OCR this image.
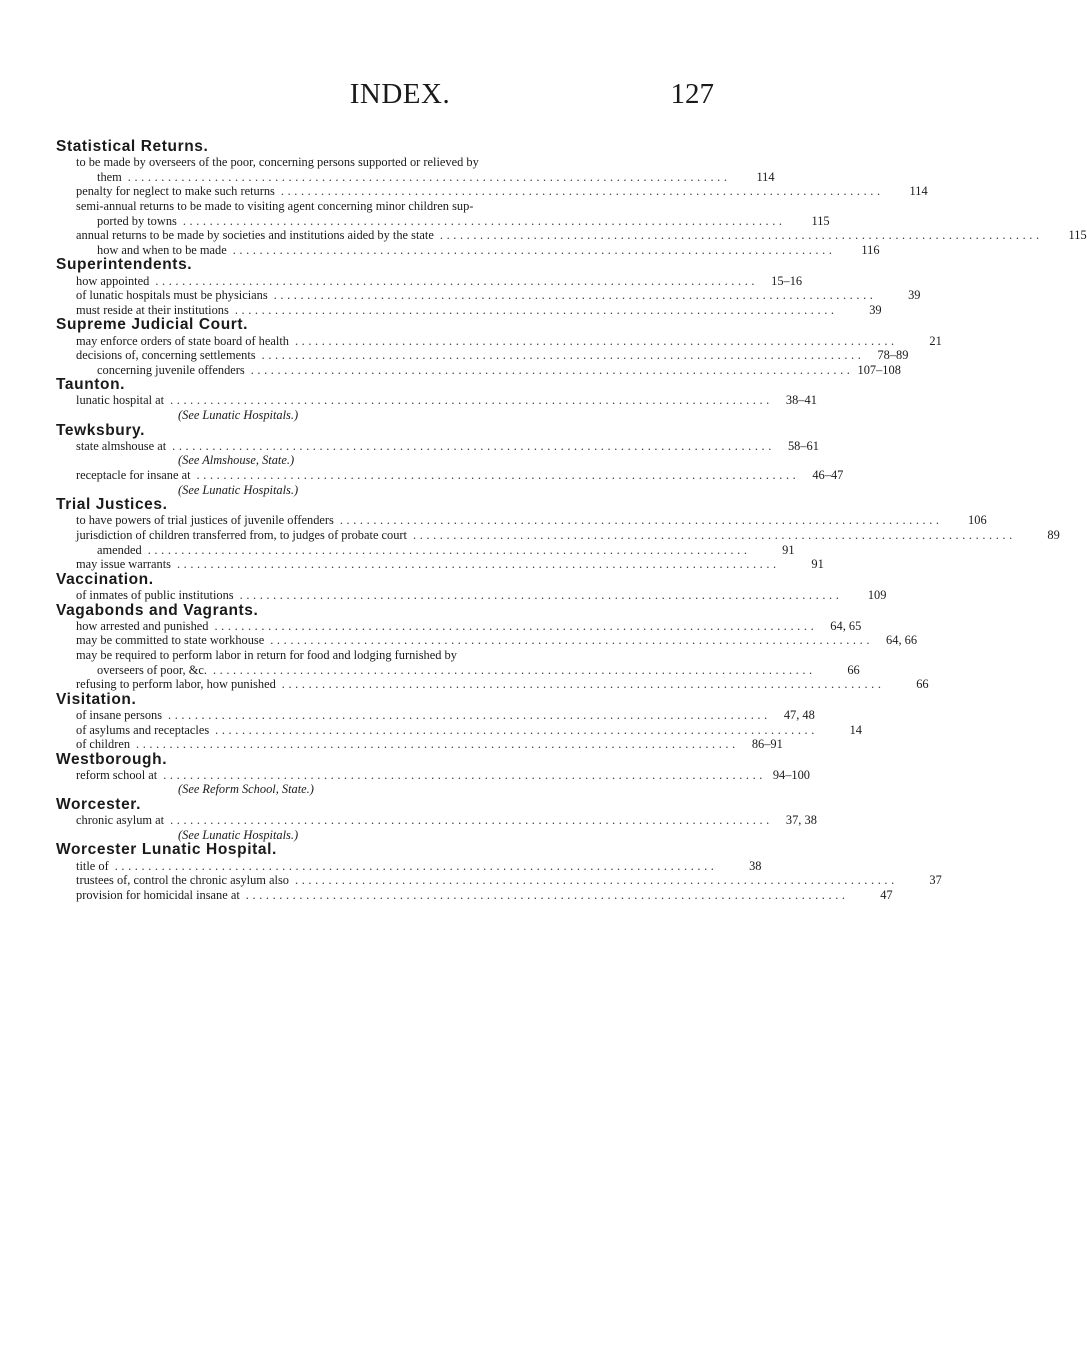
INDEX.	127
Statistical Returns.
to be made by overseers of the poor, concerning persons supported or relieved by
them ..........................................................................................	114
penalty for neglect to make such returns ..........................................................................................	114
semi-annual returns to be made to visiting agent concerning minor children sup-
ported by towns ..........................................................................................	115
annual returns to be made by societies and institutions aided by the state ..........................................................................................	115
how and when to be made ..........................................................................................	116
Superintendents.
how appointed ..........................................................................................	15–16
of lunatic hospitals must be physicians ..........................................................................................	39
must reside at their institutions ..........................................................................................	39
Supreme Judicial Court.
may enforce orders of state board of health ..........................................................................................	21
decisions of, concerning settlements ..........................................................................................	78–89
concerning juvenile offenders .......................................................................................... 107–108
Taunton.
lunatic hospital at ..........................................................................................	38–41
(See Lunatic Hospitals.)
Tewksbury.
state almshouse at ..........................................................................................	58–61
(See Almshouse, State.)
receptacle for insane at ..........................................................................................	46–47
(See Lunatic Hospitals.)
Trial Justices.
to have powers of trial justices of juvenile offenders ..........................................................................................	106
jurisdiction of children transferred from, to judges of probate court ..........................................................................................	89
amended ..........................................................................................	91
may issue warrants ..........................................................................................	91
Vaccination.
of inmates of public institutions ..........................................................................................	109
Vagabonds and Vagrants.
how arrested and punished ..........................................................................................	64, 65
may be committed to state workhouse ..........................................................................................	64, 66
may be required to perform labor in return for food and lodging furnished by
overseers of poor, &c. ..........................................................................................	66
refusing to perform labor, how punished ..........................................................................................	66
Visitation.
of insane persons ..........................................................................................	47, 48
of asylums and receptacles ..........................................................................................	14
of children ..........................................................................................	86–91
Westborough.
reform school at .......................................................................................... 94–100
(See Reform School, State.)
Worcester.
chronic asylum at ..........................................................................................	37, 38
(See Lunatic Hospitals.)
Worcester Lunatic Hospital.
title of ..........................................................................................	38
trustees of, control the chronic asylum also ..........................................................................................	37
provision for homicidal insane at ..........................................................................................	47
